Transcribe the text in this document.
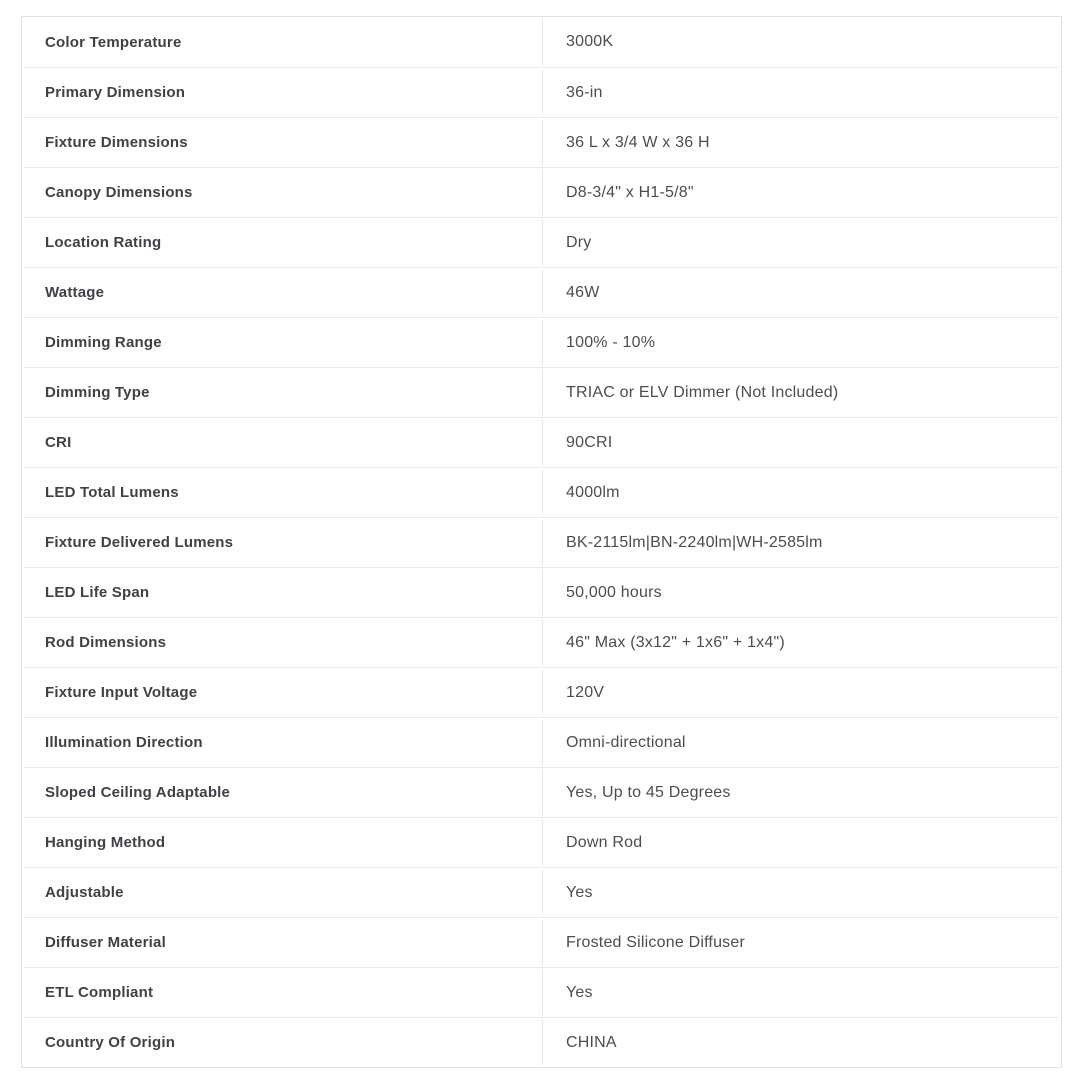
Color Temperature	3000K
Primary Dimension	36-in
Fixture Dimensions	36 L x 3/4 W x 36 H
Canopy Dimensions	D8-3/4" x H1-5/8"
Location Rating	Dry
Wattage	46W
Dimming Range	100% - 10%
Dimming Type	TRIAC or ELV Dimmer (Not Included)
CRI	90CRI
LED Total Lumens	4000lm
Fixture Delivered Lumens	BK-2115lm|BN-2240lm|WH-2585lm
LED Life Span	50,000 hours
Rod Dimensions	46" Max (3x12" + 1x6" + 1x4")
Fixture Input Voltage	120V
Illumination Direction	Omni-directional
Sloped Ceiling Adaptable	Yes, Up to 45 Degrees
Hanging Method	Down Rod
Adjustable	Yes
Diffuser Material	Frosted Silicone Diffuser
ETL Compliant	Yes
Country Of Origin	CHINA
